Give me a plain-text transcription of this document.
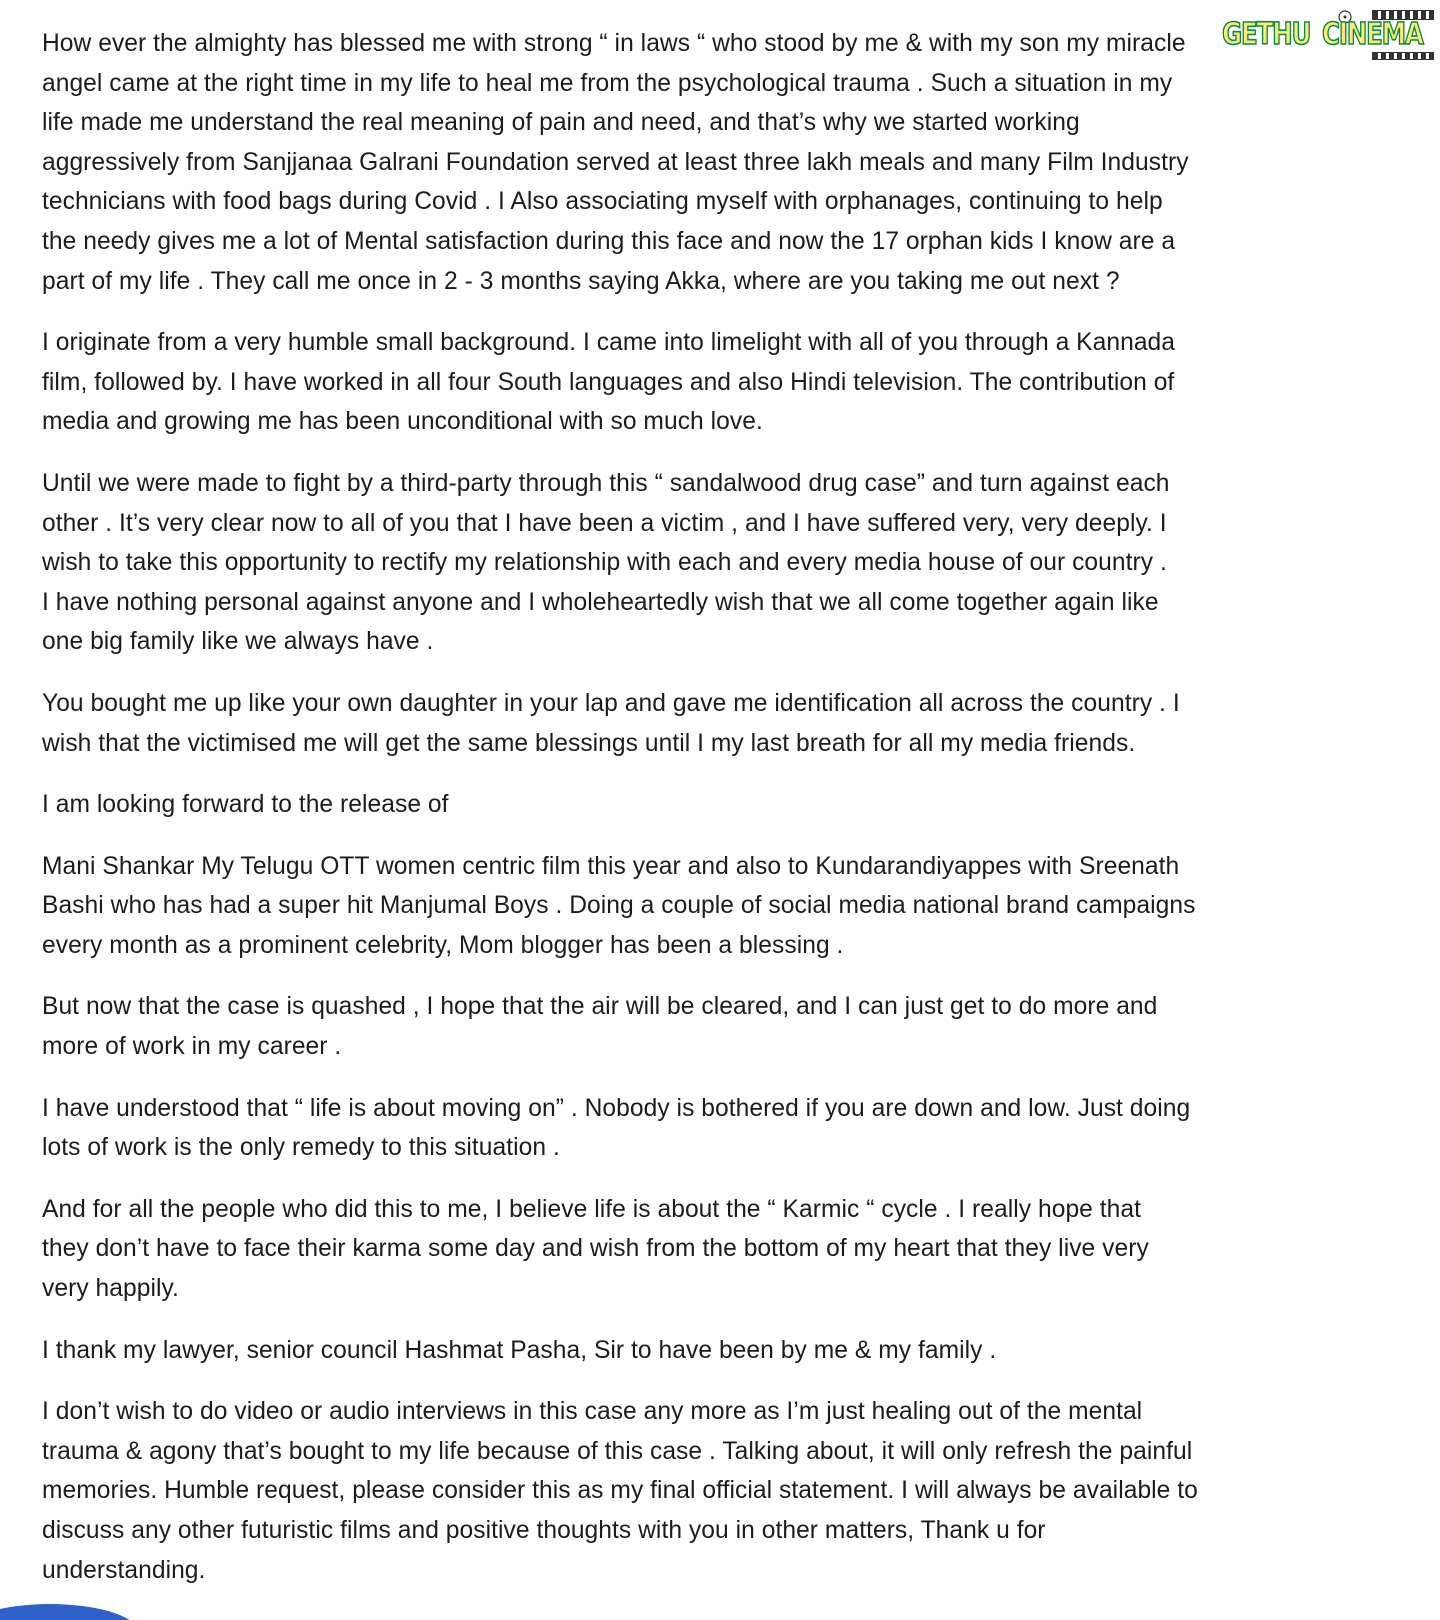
GETHU CINEMA

How ever the almighty has blessed me with strong “ in laws “ who stood by me & with my son my miracle
angel came at the right time in my life to heal me from the psychological trauma . Such a situation in my
life made me understand the real meaning of pain and need, and that’s why we started working
aggressively from Sanjjanaa Galrani Foundation served at least three lakh meals and many Film Industry
technicians with food bags during Covid . I Also associating myself with orphanages, continuing to help
the needy gives me a lot of Mental satisfaction during this face and now the 17 orphan kids I know are a
part of my life . They call me once in 2 - 3 months saying Akka, where are you taking me out next ?

I originate from a very humble small background. I came into limelight with all of you through a Kannada
film, followed by. I have worked in all four South languages and also Hindi television. The contribution of
media and growing me has been unconditional with so much love.

Until we were made to fight by a third-party through this “ sandalwood drug case” and turn against each
other . It’s very clear now to all of you that I have been a victim , and I have suffered very, very deeply. I
wish to take this opportunity to rectify my relationship with each and every media house of our country .
I have nothing personal against anyone and I wholeheartedly wish that we all come together again like
one big family like we always have .

You bought me up like your own daughter in your lap and gave me identification all across the country . I
wish that the victimised me will get the same blessings until I my last breath for all my media friends.

I am looking forward to the release of

Mani Shankar My Telugu OTT women centric film this year and also to Kundarandiyappes with Sreenath
Bashi who has had a super hit Manjumal Boys . Doing a couple of social media national brand campaigns
every month as a prominent celebrity, Mom blogger has been a blessing .

But now that the case is quashed , I hope that the air will be cleared, and I can just get to do more and
more of work in my career .

I have understood that “ life is about moving on” . Nobody is bothered if you are down and low. Just doing
lots of work is the only remedy to this situation .

And for all the people who did this to me, I believe life is about the “ Karmic “ cycle . I really hope that
they don’t have to face their karma some day and wish from the bottom of my heart that they live very
very happily.

I thank my lawyer, senior council Hashmat Pasha, Sir to have been by me & my family .

I don’t wish to do video or audio interviews in this case any more as I’m just healing out of the mental
trauma & agony that’s bought to my life because of this case . Talking about, it will only refresh the painful
memories. Humble request, please consider this as my final official statement. I will always be available to
discuss any other futuristic films and positive thoughts with you in other matters, Thank u for
understanding.
